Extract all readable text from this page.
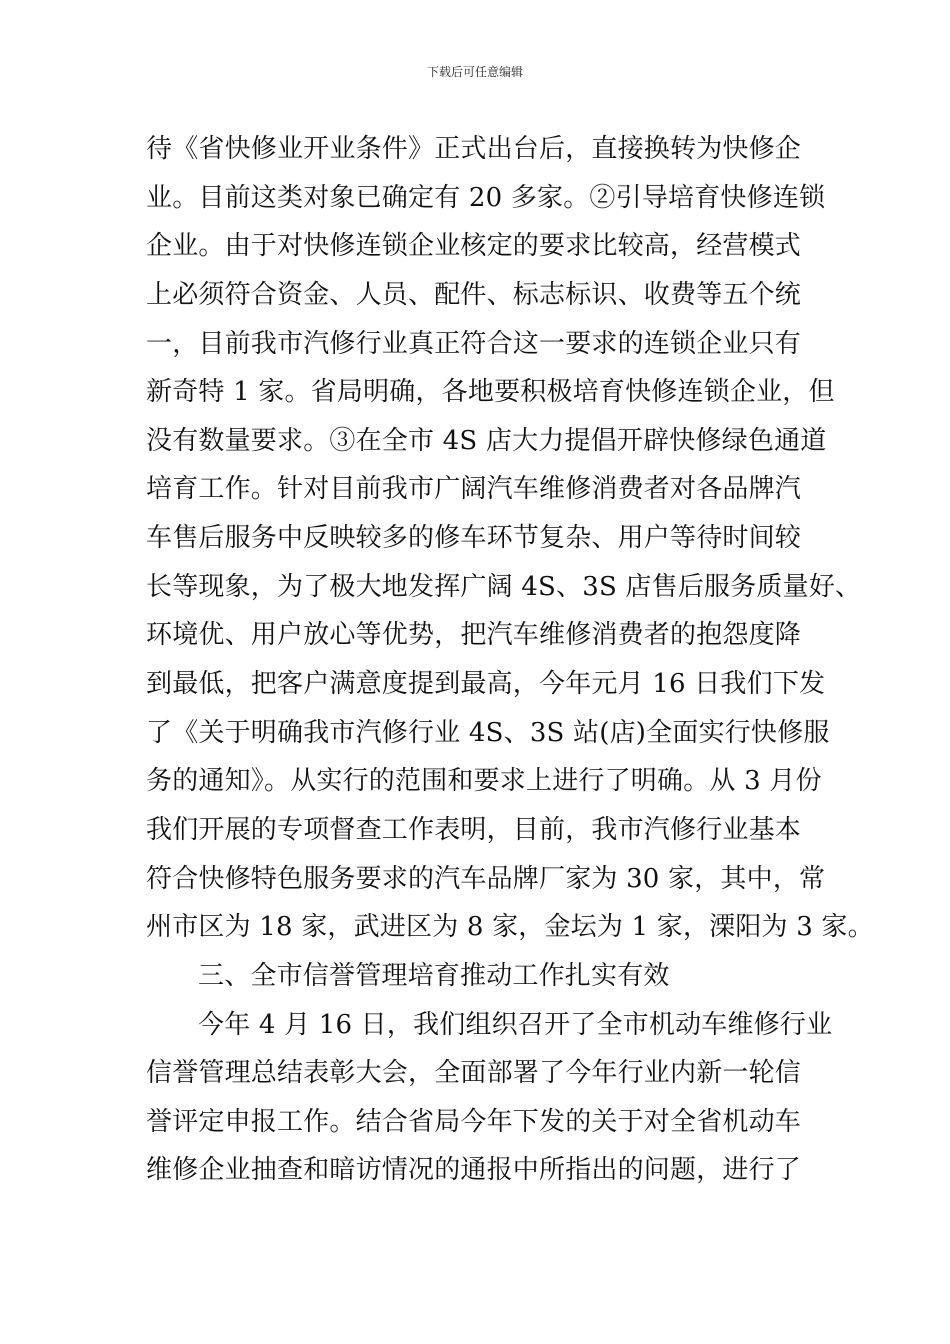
下载后可任意编辑
待《省快修业开业条件》正式出台后，直接换转为快修企
业。目前这类对象已确定有 20 多家。②引导培育快修连锁
企业。由于对快修连锁企业核定的要求比较高，经营模式
上必须符合资金、人员、配件、标志标识、收费等五个统
一，目前我市汽修行业真正符合这一要求的连锁企业只有
新奇特 1 家。省局明确，各地要积极培育快修连锁企业，但
没有数量要求。③在全市 4S 店大力提倡开辟快修绿色通道
培育工作。针对目前我市广阔汽车维修消费者对各品牌汽
车售后服务中反映较多的修车环节复杂、用户等待时间较
长等现象，为了极大地发挥广阔 4S、3S 店售后服务质量好、
环境优、用户放心等优势，把汽车维修消费者的抱怨度降
到最低，把客户满意度提到最高，今年元月 16 日我们下发
了《关于明确我市汽修行业 4S、3S 站(店)全面实行快修服
务的通知》。从实行的范围和要求上进行了明确。从 3 月份
我们开展的专项督查工作表明，目前，我市汽修行业基本
符合快修特色服务要求的汽车品牌厂家为 30 家，其中，常
州市区为 18 家，武进区为 8 家，金坛为 1 家，溧阳为 3 家。
三、全市信誉管理培育推动工作扎实有效
今年 4 月 16 日，我们组织召开了全市机动车维修行业
信誉管理总结表彰大会，全面部署了今年行业内新一轮信
誉评定申报工作。结合省局今年下发的关于对全省机动车
维修企业抽查和暗访情况的通报中所指出的问题，进行了
